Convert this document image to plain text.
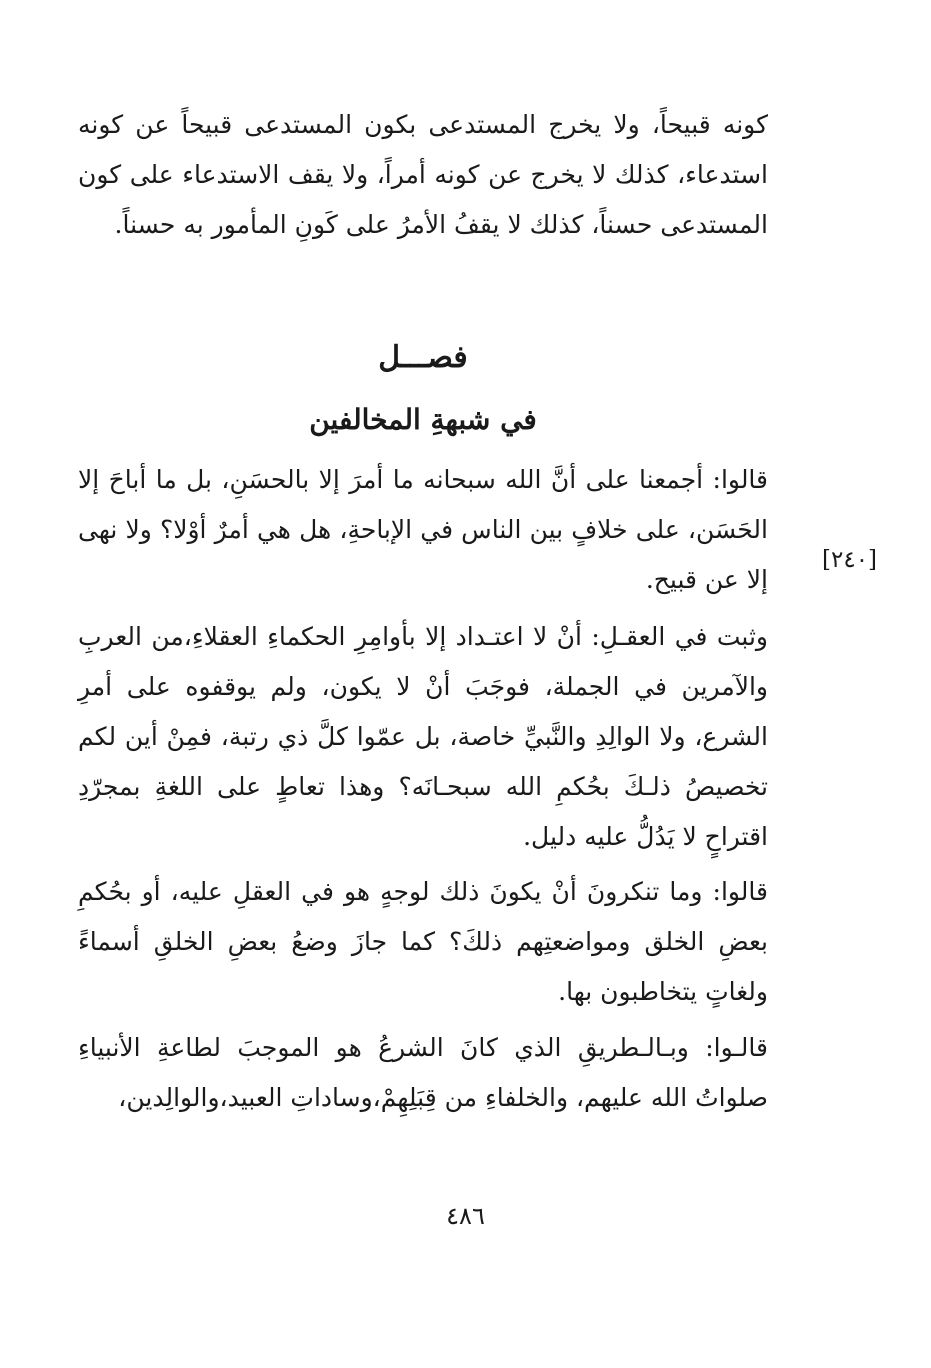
كونه قبيحاً، ولا يخرج المستدعى بكون المستدعى قبيحاً عن كونه استدعاء، كذلك لا يخرج عن كونه أمراً، ولا يقف الاستدعاء على كون المستدعى حسناً، كذلك لا يقفُ الأمرُ على كَونِ المأمور به حسناً.

فصـــل
في شبهةِ المخالفين

قالوا: أجمعنا على أنَّ الله سبحانه ما أمرَ إلا بالحسَنِ، بل ما أباحَ إلا الحَسَن، على خلافٍ بين الناس في الإباحةِ، هل هي أمرٌ أوْلا؟ ولا نهى إلا عن قبيح.

[٢٤٠]

وثبت في العقـلِ: أنْ لا اعتـداد إلا بأوامِرِ الحكماءِ العقلاءِ،من العربِ والآمرين في الجملة، فوجَبَ أنْ لا يكون، ولم يوقفوه على أمرِ الشرع، ولا الوالِدِ والنَّبيِّ خاصة، بل عمّوا كلَّ ذي رتبة، فمِنْ أين لكم تخصيصُ ذلـكَ بحُكمِ الله سبحـانَه؟ وهذا تعاطٍ على اللغةِ بمجرّدِ اقتراحٍ لا يَدُلُّ عليه دليل.

قالوا: وما تنكرونَ أنْ يكونَ ذلك لوجهٍ هو في العقلِ عليه، أو بحُكمِ بعضِ الخلق ومواضعتِهم ذلكَ؟ كما جازَ وضعُ بعضِ الخلقِ أسماءً ولغاتٍ يتخاطبون بها.

قالـوا: وبـالـطريقِ الذي كانَ الشرعُ هو الموجبَ لطاعةِ الأنبياءِ صلواتُ الله عليهم، والخلفاءِ من قِبَلِهِمْ،وساداتِ العبيد،والوالِدين،

٤٨٦
